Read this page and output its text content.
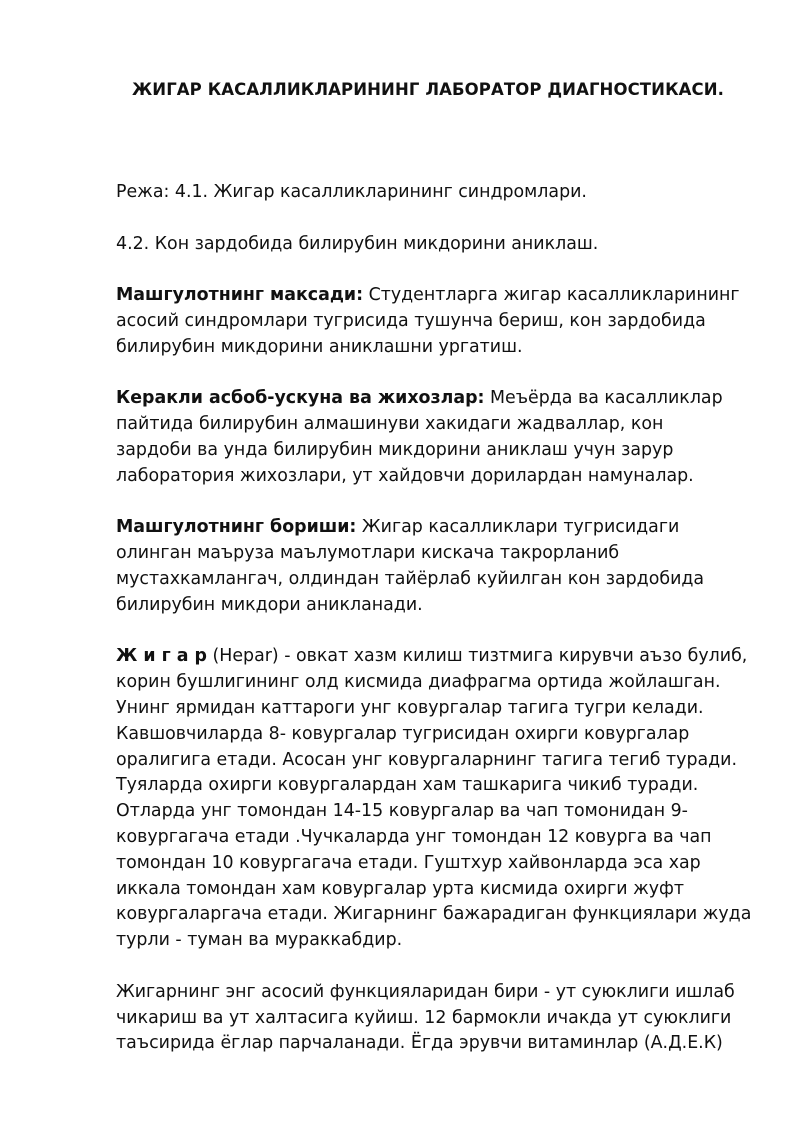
ЖИГАР КАСАЛЛИКЛАРИНИНГ ЛАБОРАТОР ДИАГНОСТИКАСИ.

Режа: 4.1. Жигар касалликларининг синдромлари.

4.2. Кон зардобида билирубин микдорини аниклаш.

Машгулотнинг максади: Студентларга жигар касалликларининг
асосий синдромлари тугрисида тушунча бериш, кон зардобида
билирубин микдорини аниклашни ургатиш.

Керакли асбоб-ускуна ва жихозлар: Меъёрда ва касалликлар
пайтида билирубин алмашинуви хакидаги жадваллар, кон
зардоби ва унда билирубин микдорини аниклаш учун зарур
лаборатория жихозлари, ут хайдовчи дорилардан намуналар.

Машгулотнинг бориши: Жигар касалликлари тугрисидаги
олинган маъруза маълумотлари кискача такрорланиб
мустахкамлангач, олдиндан тайёрлаб куйилган кон зардобида
билирубин микдори аникланади.

Ж и г а р (Hepar) - овкат хазм килиш тизтмига кирувчи аъзо булиб,
корин бушлигининг олд кисмида диафрагма ортида жойлашган.
Унинг ярмидан каттароги унг ковургалар тагига тугри келади.
Кавшовчиларда 8- ковургалар тугрисидан охирги ковургалар
оралигига етади. Асосан унг ковургаларнинг тагига тегиб туради.
Туяларда охирги ковургалардан хам ташкарига чикиб туради.
Отларда унг томондан 14-15 ковургалар ва чап томонидан 9-
ковургагача етади .Чучкаларда унг томондан 12 ковурга ва чап
томондан 10 ковургагача етади. Гуштхур хайвонларда эса хар
иккала томондан хам ковургалар урта кисмида охирги жуфт
ковургаларгача етади. Жигарнинг бажарадиган функциялари жуда
турли - туман ва мураккабдир.

Жигарнинг энг асосий функцияларидан бири - ут суюклиги ишлаб
чикариш ва ут халтасига куйиш. 12 бармокли ичакда ут суюклиги
таъсирида ёглар парчаланади. Ёгда эрувчи витаминлар (А.Д.Е.К)
